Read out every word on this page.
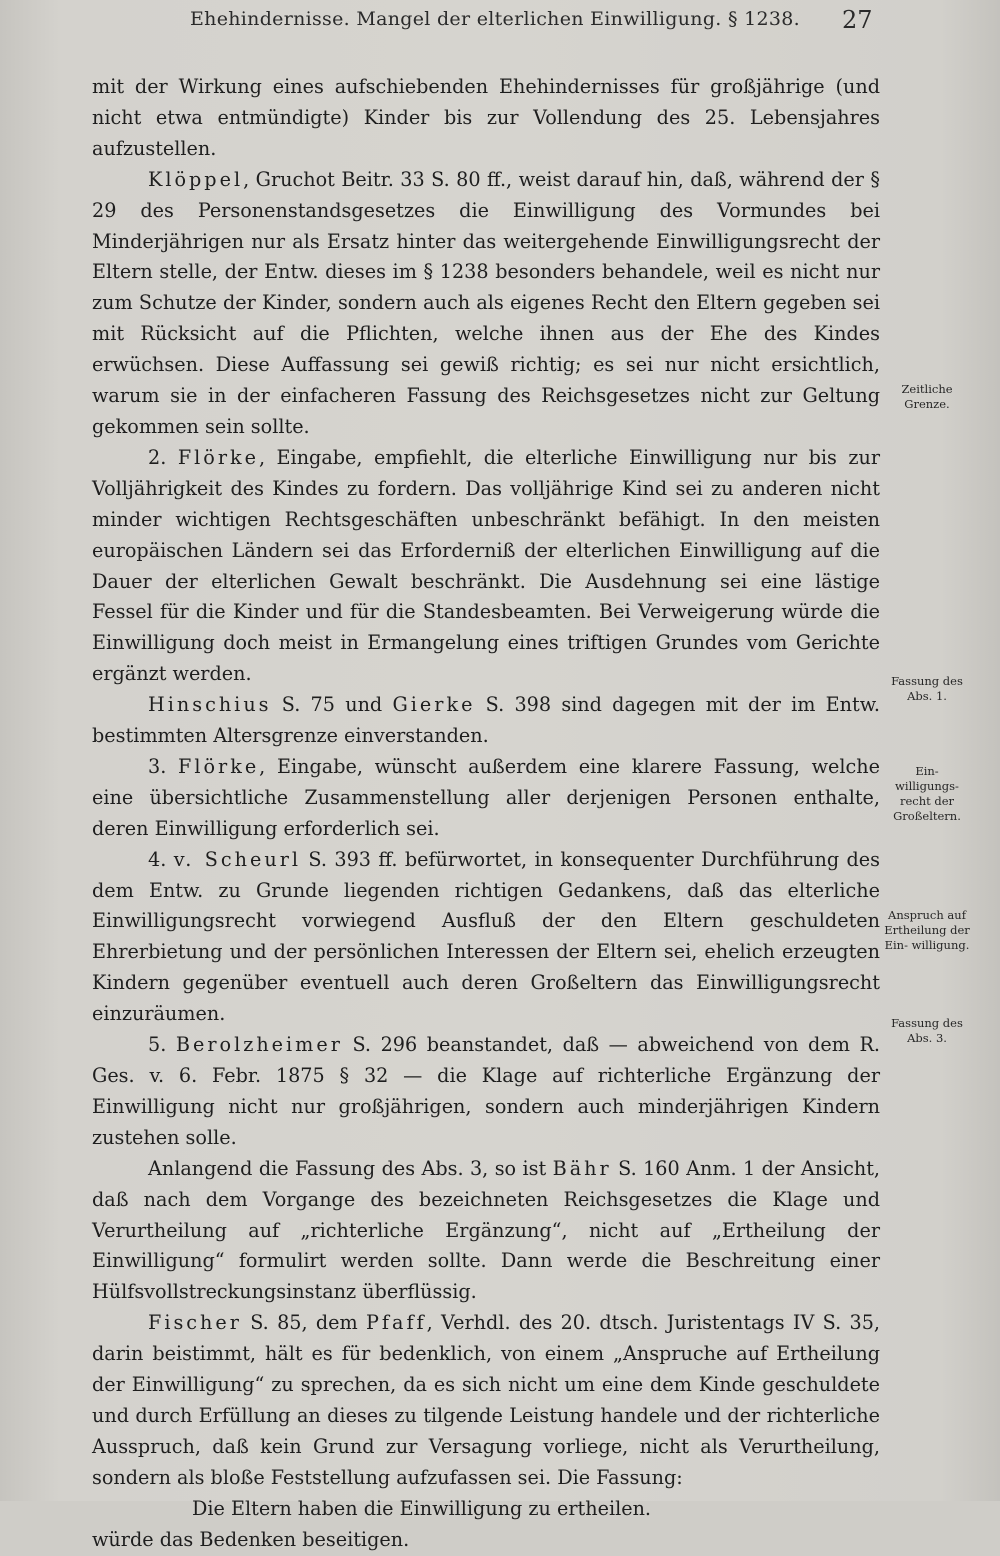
Ehehindernisse. Mangel der elterlichen Einwilligung. § 1238. 27

mit der Wirkung eines aufschiebenden Ehehindernisses für großjährige (und nicht etwa entmündigte) Kinder bis zur Vollendung des 25. Lebensjahres aufzustellen.

Klöppel, Gruchot Beitr. 33 S. 80 ff., weist darauf hin, daß, während der § 29 des Personenstandsgesetzes die Einwilligung des Vormundes bei Minderjährigen nur als Ersatz hinter das weitergehende Einwilligungsrecht der Eltern stelle, der Entw. dieses im § 1238 besonders behandele, weil es nicht nur zum Schutze der Kinder, sondern auch als eigenes Recht den Eltern gegeben sei mit Rücksicht auf die Pflichten, welche ihnen aus der Ehe des Kindes erwüchsen. Diese Auffassung sei gewiß richtig; es sei nur nicht ersichtlich, warum sie in der einfacheren Fassung des Reichsgesetzes nicht zur Geltung gekommen sein sollte.

2. Flörke, Eingabe, empfiehlt, die elterliche Einwilligung nur bis zur Volljährigkeit des Kindes zu fordern. Das volljährige Kind sei zu anderen nicht minder wichtigen Rechtsgeschäften unbeschränkt befähigt. In den meisten europäischen Ländern sei das Erforderniß der elterlichen Einwilligung auf die Dauer der elterlichen Gewalt beschränkt. Die Ausdehnung sei eine lästige Fessel für die Kinder und für die Standesbeamten. Bei Verweigerung würde die Einwilligung doch meist in Ermangelung eines triftigen Grundes vom Gerichte ergänzt werden.

Hinschius S. 75 und Gierke S. 398 sind dagegen mit der im Entw. bestimmten Altersgrenze einverstanden.

3. Flörke, Eingabe, wünscht außerdem eine klarere Fassung, welche eine übersichtliche Zusammenstellung aller derjenigen Personen enthalte, deren Einwilligung erforderlich sei.

4. v. Scheurl S. 393 ff. befürwortet, in konsequenter Durchführung des dem Entw. zu Grunde liegenden richtigen Gedankens, daß das elterliche Einwilligungsrecht vorwiegend Ausfluß der den Eltern geschuldeten Ehrerbietung und der persönlichen Interessen der Eltern sei, ehelich erzeugten Kindern gegenüber eventuell auch deren Großeltern das Einwilligungsrecht einzuräumen.

5. Berolzheimer S. 296 beanstandet, daß — abweichend von dem R. Ges. v. 6. Febr. 1875 § 32 — die Klage auf richterliche Ergänzung der Einwilligung nicht nur großjährigen, sondern auch minderjährigen Kindern zustehen solle.

Anlangend die Fassung des Abs. 3, so ist Bähr S. 160 Anm. 1 der Ansicht, daß nach dem Vorgange des bezeichneten Reichsgesetzes die Klage und Verurtheilung auf „richterliche Ergänzung“, nicht auf „Ertheilung der Einwilligung“ formulirt werden sollte. Dann werde die Beschreitung einer Hülfsvollstreckungsinstanz überflüssig.

Fischer S. 85, dem Pfaff, Verhdl. des 20. dtsch. Juristentags IV S. 35, darin beistimmt, hält es für bedenklich, von einem „Anspruche auf Ertheilung der Einwilligung“ zu sprechen, da es sich nicht um eine dem Kinde geschuldete und durch Erfüllung an dieses zu tilgende Leistung handele und der richterliche Ausspruch, daß kein Grund zur Versagung vorliege, nicht als Verurtheilung, sondern als bloße Feststellung aufzufassen sei. Die Fassung:

Die Eltern haben die Einwilligung zu ertheilen.

würde das Bedenken beseitigen.

Zeitliche Grenze.
Fassung des Abs. 1.
Ein- willigungs- recht der Großeltern.
Anspruch auf Ertheilung der Ein- willigung.
Fassung des Abs. 3.
